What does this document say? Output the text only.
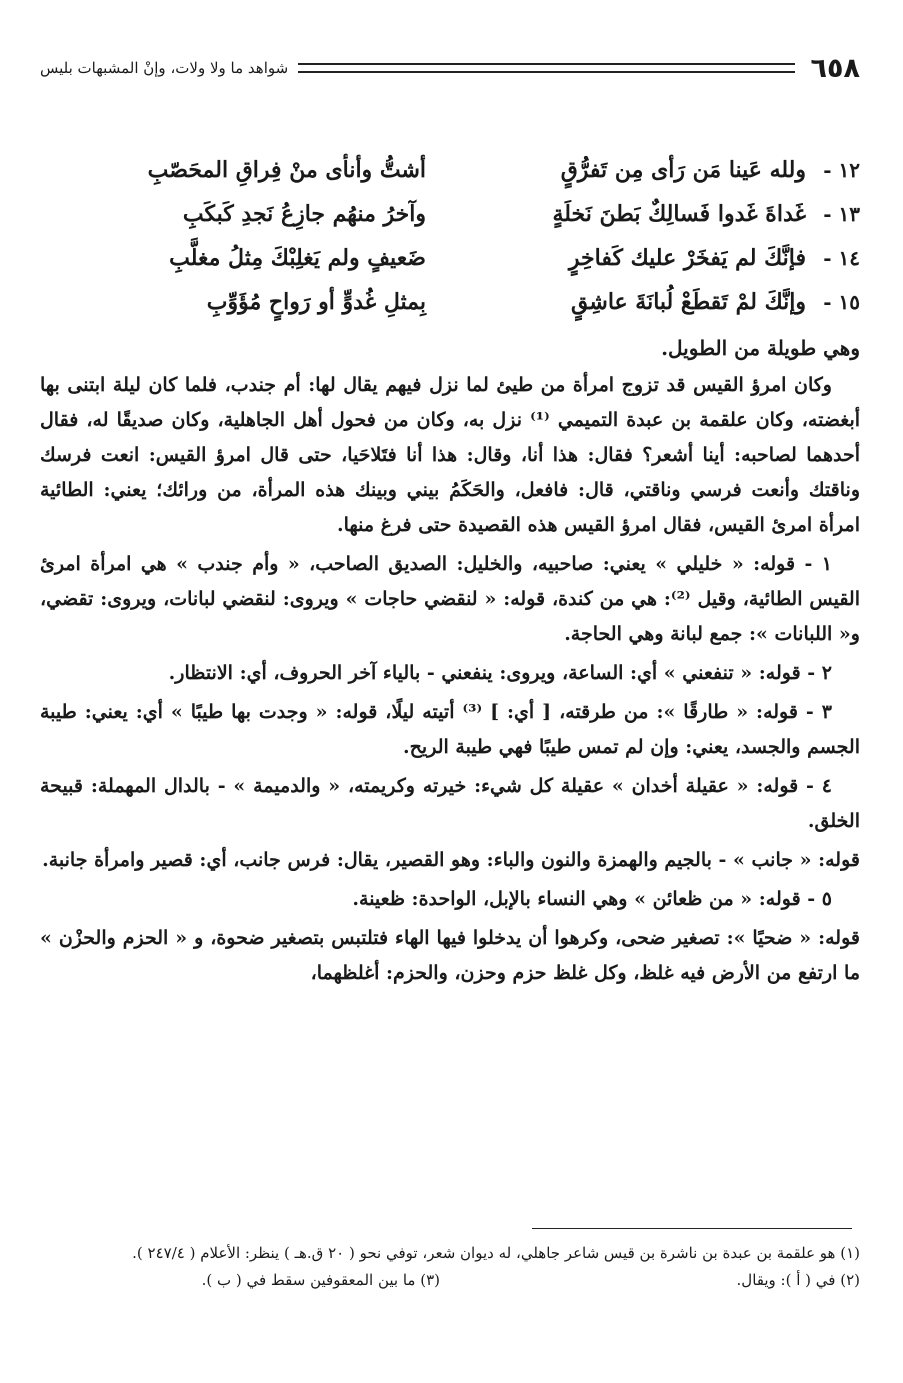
٦٥٨
شواهد ما ولا ولات، وإنْ المشبهات بليس
١٢ -
ولله عَينا مَن رَأى مِن تَفرُّقٍ
أشتُّ وأنأى منْ فِراقِ المحَصّبِ
١٣ -
غَداةَ غَدوا فَسالِكٌ بَطنَ نَخلَةٍ
وآخرُ منهُم جازِعُ نَجدِ كَبكَبِ
١٤ -
فإنَّكَ لم يَفخَرْ عليك كَفاخِرٍ
ضَعيفٍ ولم يَغلِبْكَ مِثلُ مغلَّبِ
١٥ -
وإنَّكَ لمْ تَقطَعْ لُبانَةَ عاشِقٍ
بِمثلِ غُدوٍّ أو رَواحٍ مُؤَوِّبِ
وهي طويلة من الطويل.

وكان امرؤ القيس قد تزوج امرأة من طيئ لما نزل فيهم يقال لها: أم جندب، فلما كان ليلة ابتنى بها أبغضته، وكان علقمة بن عبدة التميمي ⁽¹⁾ نزل به، وكان من فحول أهل الجاهلية، وكان صديقًا له، فقال أحدهما لصاحبه: أينا أشعر؟ فقال: هذا أنا، وقال: هذا أنا فتَلاحَيا، حتى قال امرؤ القيس: انعت فرسك وناقتك وأنعت فرسي وناقتي، قال: فافعل، والحَكَمُ بيني وبينك هذه المرأة، من ورائك؛ يعني: الطائية امرأة امرئ القيس، فقال امرؤ القيس هذه القصيدة حتى فرغ منها.

١ - قوله: « خليلي » يعني: صاحبيه، والخليل: الصديق الصاحب، « وأم جندب » هي امرأة امرئ القيس الطائية، وقيل ⁽²⁾: هي من كندة، قوله: « لنقضي حاجات » ويروى: لنقضي لبانات، ويروى: تقضي، و« اللبانات »: جمع لبانة وهي الحاجة.

٢ - قوله: « تنفعني » أي: الساعة، ويروى: ينفعني - بالياء آخر الحروف، أي: الانتظار.

٣ - قوله: « طارقًا »: من طرقته، [ أي: ] ⁽³⁾ أتيته ليلًا، قوله: « وجدت بها طيبًا » أي: يعني: طيبة الجسم والجسد، يعني: وإن لم تمس طيبًا فهي طيبة الريح.

٤ - قوله: « عقيلة أخدان » عقيلة كل شيء: خيرته وكريمته، « والدميمة » - بالدال المهملة: قبيحة الخلق.

قوله: « جانب » - بالجيم والهمزة والنون والباء: وهو القصير، يقال: فرس جانب، أي: قصير وامرأة جانبة.

٥ - قوله: « من ظعائن » وهي النساء بالإبل، الواحدة: ظعينة.

قوله: « ضحيًا »: تصغير ضحى، وكرهوا أن يدخلوا فيها الهاء فتلتبس بتصغير ضحوة، و « الحزم والحزْن » ما ارتفع من الأرض فيه غلظ، وكل غلظ حزم وحزن، والحزم: أغلظهما،

(١) هو علقمة بن عبدة بن ناشرة بن قيس شاعر جاهلي، له ديوان شعر، توفي نحو ( ٢٠ ق.هـ ) ينظر: الأعلام ( ٢٤٧/٤ ).
(٢) في ( أ ): ويقال.
(٣) ما بين المعقوفين سقط في ( ب ).
